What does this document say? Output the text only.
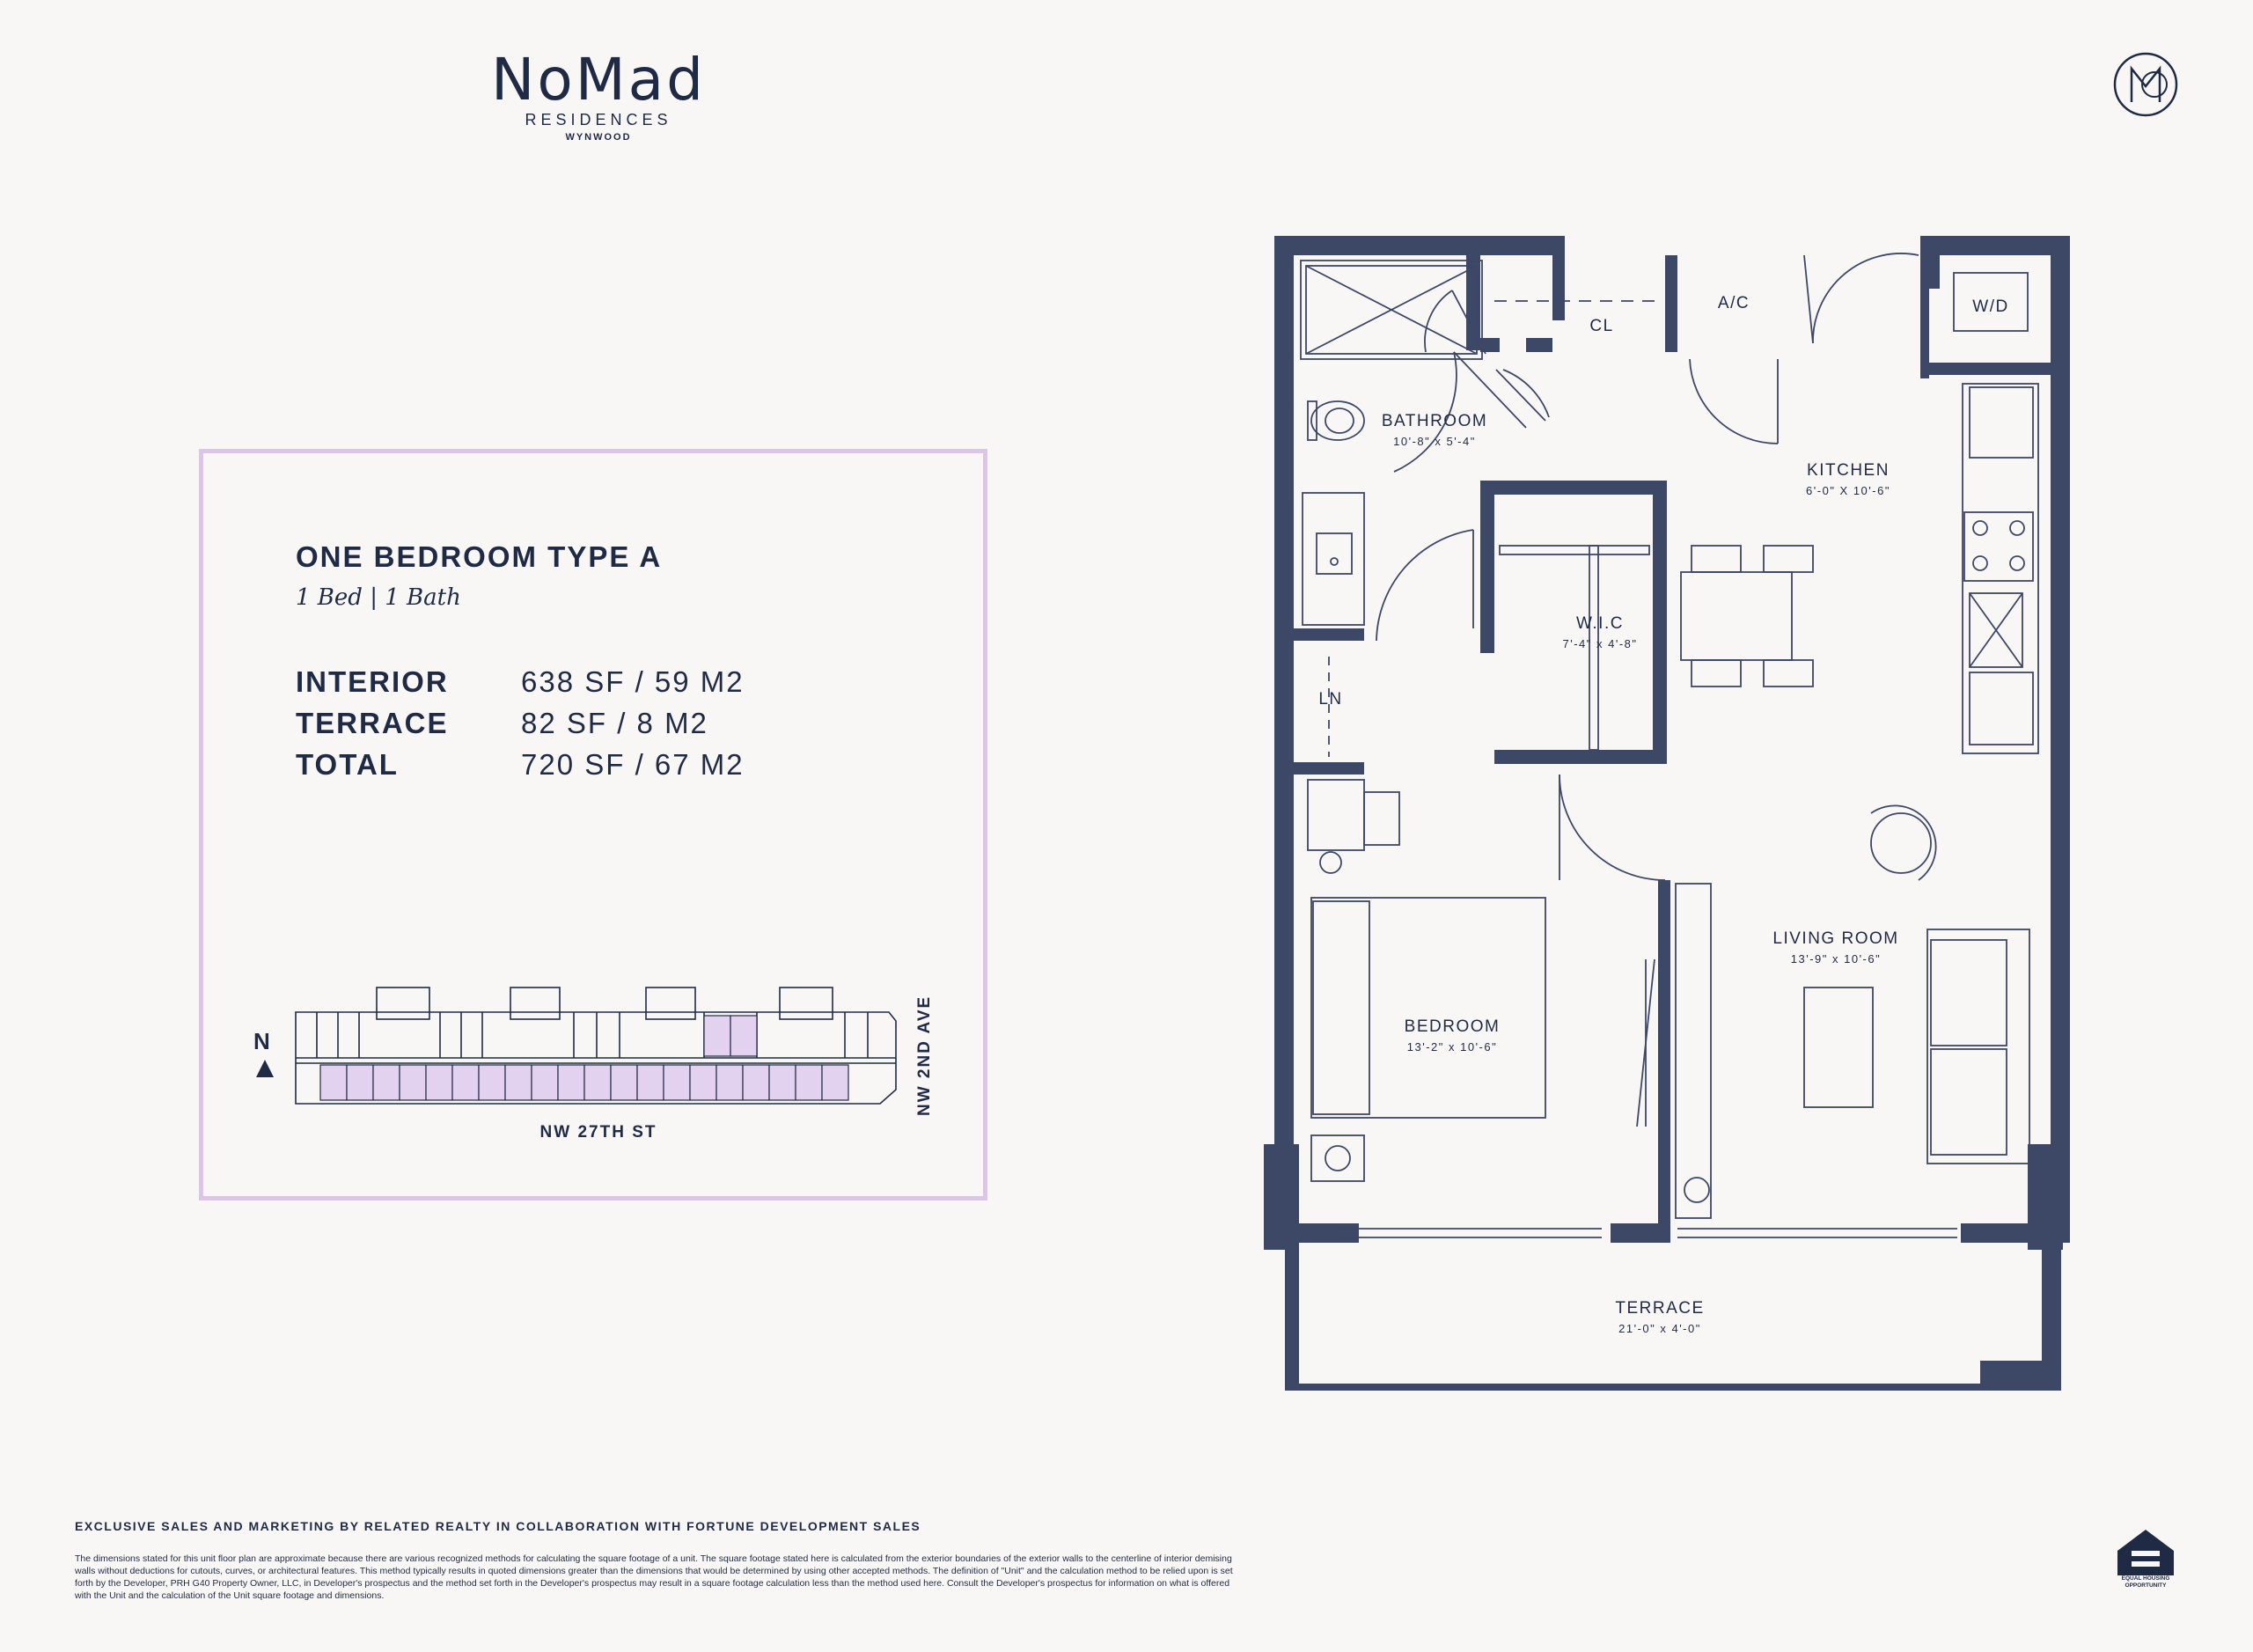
NoMad
RESIDENCES
WYNWOOD
ONE BEDROOM TYPE A
1 Bed | 1 Bath
INTERIOR 638 SF / 59 M2
TERRACE 82 SF / 8 M2
TOTAL	720 SF / 67 M2
N
NW 27TH ST
NW 2ND AVE
BATHROOM
10'-8" x 5'-4"
CL
A/C	W/D
KITCHEN
6'-0" X 10'-6"
W.I.C
7'-4" x 4'-8"
LN
BEDROOM
13'-2" x 10'-6"
LIVING ROOM
13'-9" x 10'-6"
TERRACE
21'-0" x 4'-0"
EXCLUSIVE SALES AND MARKETING BY RELATED REALTY IN COLLABORATION WITH FORTUNE DEVELOPMENT SALES
The dimensions stated for this unit floor plan are approximate because there are various recognized methods for calculating the square footage of a unit. The square footage stated here is calculated from the exterior boundaries of the exterior walls to the centerline of interior demising walls without deductions for cutouts, curves, or architectural features. This method typically results in quoted dimensions greater than the dimensions that would be determined by using other accepted methods. The definition of "Unit" and the calculation method to be relied upon is set forth by the Developer, PRH G40 Property Owner, LLC, in Developer's prospectus and the method set forth in the Developer's prospectus may result in a square footage calculation less than the method used here. Consult the Developer's prospectus for information on what is offered with the Unit and the calculation of the Unit square footage and dimensions.
EQUAL HOUSING OPPORTUNITY
